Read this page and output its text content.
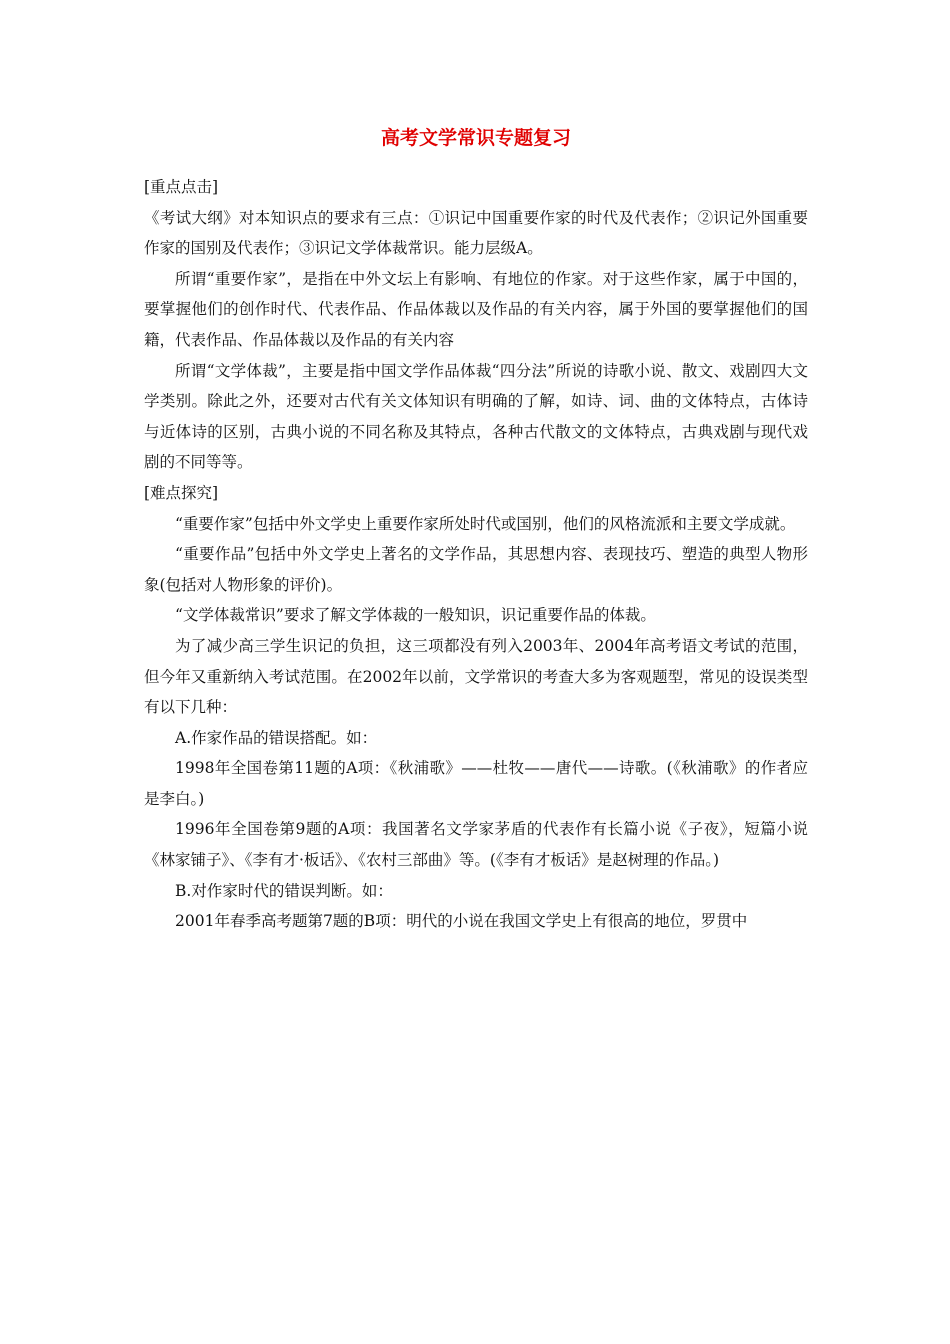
高考文学常识专题复习

[重点点击]

《考试大纲》对本知识点的要求有三点：①识记中国重要作家的时代及代表作；②识记外国重要作家的国别及代表作；③识记文学体裁常识。能力层级A。

所谓“重要作家”，是指在中外文坛上有影响、有地位的作家。对于这些作家，属于中国的，要掌握他们的创作时代、代表作品、作品体裁以及作品的有关内容，属于外国的要掌握他们的国籍，代表作品、作品体裁以及作品的有关内容

所谓“文学体裁”，主要是指中国文学作品体裁“四分法”所说的诗歌小说、散文、戏剧四大文学类别。除此之外，还要对古代有关文体知识有明确的了解，如诗、词、曲的文体特点，古体诗与近体诗的区别，古典小说的不同名称及其特点，各种古代散文的文体特点，古典戏剧与现代戏剧的不同等等。

[难点探究]

“重要作家”包括中外文学史上重要作家所处时代或国别，他们的风格流派和主要文学成就。

“重要作品”包括中外文学史上著名的文学作品，其思想内容、表现技巧、塑造的典型人物形象(包括对人物形象的评价)。

“文学体裁常识”要求了解文学体裁的一般知识，识记重要作品的体裁。

为了减少高三学生识记的负担，这三项都没有列入2003年、2004年高考语文考试的范围，但今年又重新纳入考试范围。在2002年以前，文学常识的考查大多为客观题型，常见的设误类型有以下几种：

A.作家作品的错误搭配。如：

1998年全国卷第11题的A项：《秋浦歌》——杜牧——唐代——诗歌。(《秋浦歌》的作者应是李白。)

1996年全国卷第9题的A项：我国著名文学家茅盾的代表作有长篇小说《子夜》，短篇小说《林家铺子》、《李有才·板话》、《农村三部曲》等。(《李有才板话》是赵树理的作品。)

B.对作家时代的错误判断。如：

2001年春季高考题第7题的B项：明代的小说在我国文学史上有很高的地位，罗贯中
